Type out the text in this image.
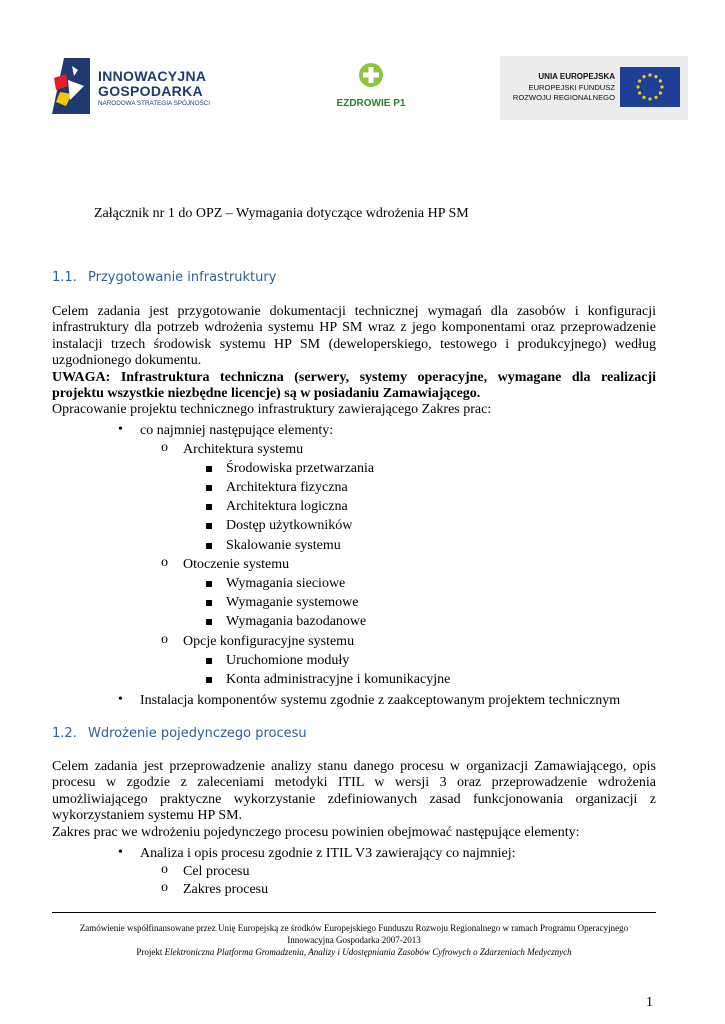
INNOWACYJNA
GOSPODARKA
NARODOWA STRATEGIA SPÓJNOŚCI	EZDROWIE P1
UNIA EUROPEJSKA
EUROPEJSKI FUNDUSZ
ROZWOJU REGIONALNEGO
Załącznik nr 1 do OPZ – Wymagania dotyczące wdrożenia HP SM
1.1. Przygotowanie infrastruktury
Celem zadania jest przygotowanie dokumentacji technicznej wymagań dla zasobów i konfiguracji
infrastruktury dla potrzeb wdrożenia systemu HP SM wraz z jego komponentami oraz przeprowadzenie
instalacji trzech środowisk systemu HP SM (deweloperskiego, testowego i produkcyjnego) według
uzgodnionego dokumentu.
UWAGA: Infrastruktura techniczna (serwery, systemy operacyjne, wymagane dla realizacji
projektu wszystkie niezbędne licencje) są w posiadaniu Zamawiającego.
Opracowanie projektu technicznego infrastruktury zawierającego Zakres prac:
• co najmniej następujące elementy:
o Architektura systemu
Środowiska przetwarzania
Architektura fizyczna
Architektura logiczna
Dostęp użytkowników
Skalowanie systemu
o Otoczenie systemu
Wymagania sieciowe
Wymaganie systemowe
Wymagania bazodanowe
o Opcje konfiguracyjne systemu
Uruchomione moduły
Konta administracyjne i komunikacyjne
• Instalacja komponentów systemu zgodnie z zaakceptowanym projektem technicznym
1.2. Wdrożenie pojedynczego procesu
Celem zadania jest przeprowadzenie analizy stanu danego procesu w organizacji Zamawiającego, opis
procesu w zgodzie z zaleceniami metodyki ITIL w wersji 3 oraz przeprowadzenie wdrożenia
umożliwiającego praktyczne wykorzystanie zdefiniowanych zasad funkcjonowania organizacji z
wykorzystaniem systemu HP SM.
Zakres prac we wdrożeniu pojedynczego procesu powinien obejmować następujące elementy:
• Analiza i opis procesu zgodnie z ITIL V3 zawierający co najmniej:
o Cel procesu
o Zakres procesu
Zamówienie współfinansowane przez Unię Europejską ze środków Europejskiego Funduszu Rozwoju Regionalnego w ramach Programu Operacyjnego
Innowacyjna Gospodarka 2007-2013
Projekt Elektroniczna Platforma Gromadzenia, Analizy i Udostępniania Zasobów Cyfrowych o Zdarzeniach Medycznych
1
